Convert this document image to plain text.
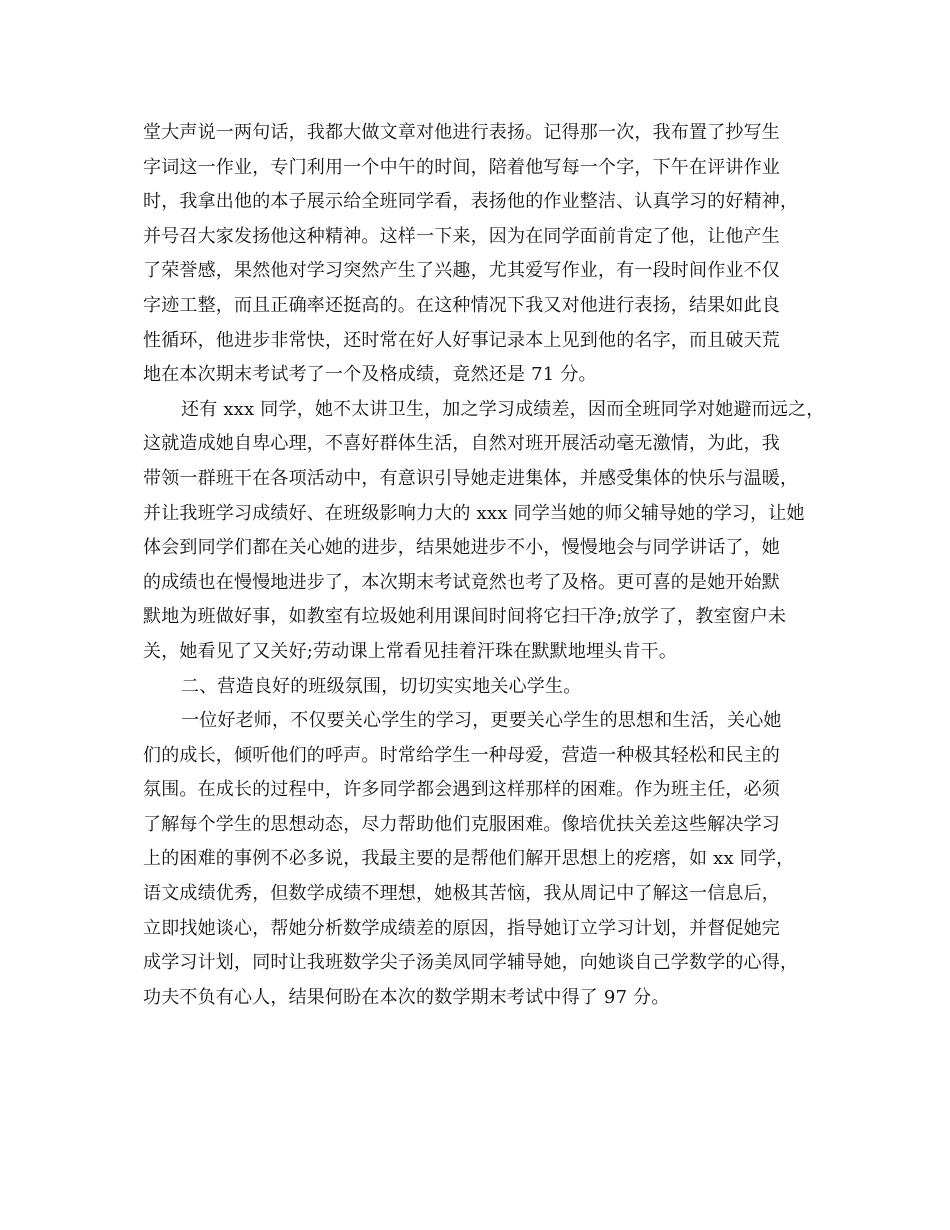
堂大声说一两句话，我都大做文章对他进行表扬。记得那一次，我布置了抄写生
字词这一作业，专门利用一个中午的时间，陪着他写每一个字，下午在评讲作业
时，我拿出他的本子展示给全班同学看，表扬他的作业整洁、认真学习的好精神，
并号召大家发扬他这种精神。这样一下来，因为在同学面前肯定了他，让他产生
了荣誉感，果然他对学习突然产生了兴趣，尤其爱写作业，有一段时间作业不仅
字迹工整，而且正确率还挺高的。在这种情况下我又对他进行表扬，结果如此良
性循环，他进步非常快，还时常在好人好事记录本上见到他的名字，而且破天荒
地在本次期末考试考了一个及格成绩，竟然还是 71 分。
还有 xxx 同学，她不太讲卫生，加之学习成绩差，因而全班同学对她避而远之，
这就造成她自卑心理，不喜好群体生活，自然对班开展活动毫无激情，为此，我
带领一群班干在各项活动中，有意识引导她走进集体，并感受集体的快乐与温暖，
并让我班学习成绩好、在班级影响力大的 xxx 同学当她的师父辅导她的学习，让她
体会到同学们都在关心她的进步，结果她进步不小，慢慢地会与同学讲话了，她
的成绩也在慢慢地进步了，本次期末考试竟然也考了及格。更可喜的是她开始默
默地为班做好事，如教室有垃圾她利用课间时间将它扫干净;放学了，教室窗户未
关，她看见了又关好;劳动课上常看见挂着汗珠在默默地埋头肯干。
二、营造良好的班级氛围，切切实实地关心学生。
一位好老师，不仅要关心学生的学习，更要关心学生的思想和生活，关心她
们的成长，倾听他们的呼声。时常给学生一种母爱，营造一种极其轻松和民主的
氛围。在成长的过程中，许多同学都会遇到这样那样的困难。作为班主任，必须
了解每个学生的思想动态，尽力帮助他们克服困难。像培优扶关差这些解决学习
上的困难的事例不必多说，我最主要的是帮他们解开思想上的疙瘩，如 xx 同学，
语文成绩优秀，但数学成绩不理想，她极其苦恼，我从周记中了解这一信息后，
立即找她谈心，帮她分析数学成绩差的原因，指导她订立学习计划，并督促她完
成学习计划，同时让我班数学尖子汤美凤同学辅导她，向她谈自己学数学的心得，
功夫不负有心人，结果何盼在本次的数学期末考试中得了 97 分。
